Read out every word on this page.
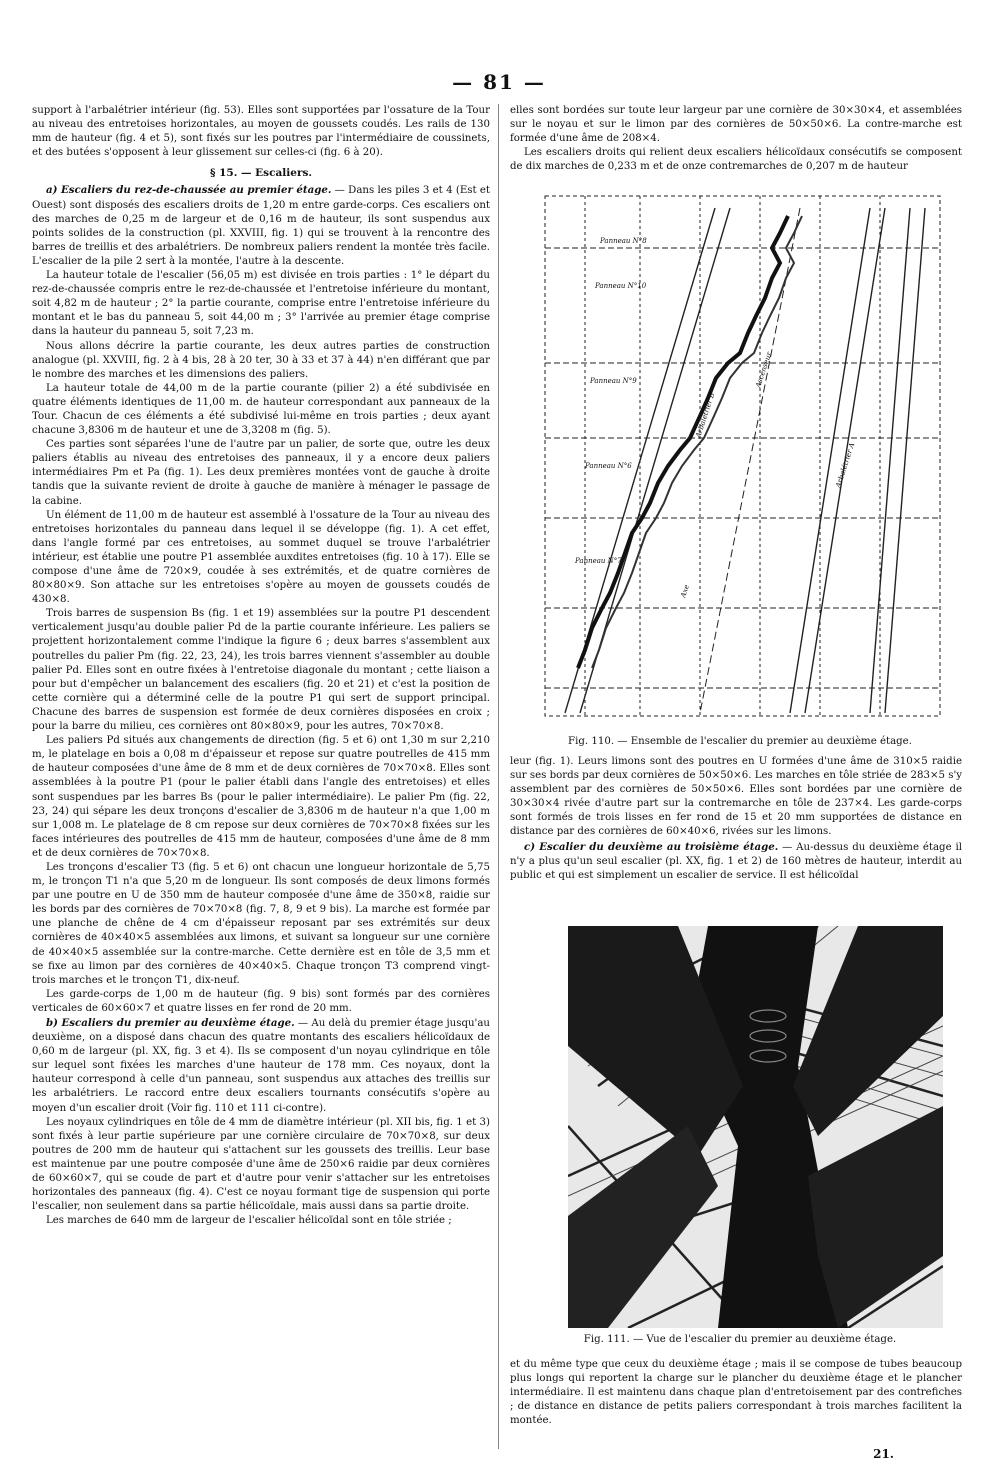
— 81 —

support à l'arbalétrier intérieur (fig. 53). Elles sont supportées par l'ossature de la Tour au niveau des entretoises horizontales, au moyen de goussets coudés. Les rails de 130 mm de hauteur (fig. 4 et 5), sont fixés sur les poutres par l'intermédiaire de coussinets, et des butées s'opposent à leur glissement sur celles-ci (fig. 6 à 20).

§ 15. — Escaliers.

a) Escaliers du rez-de-chaussée au premier étage. — Dans les piles 3 et 4 (Est et Ouest) sont disposés des escaliers droits de 1,20 m entre garde-corps. Ces escaliers ont des marches de 0,25 m de largeur et de 0,16 m de hauteur, ils sont suspendus aux points solides de la construction (pl. XXVIII, fig. 1) qui se trouvent à la rencontre des barres de treillis et des arbalétriers. De nombreux paliers rendent la montée très facile. L'escalier de la pile 2 sert à la montée, l'autre à la descente.

La hauteur totale de l'escalier (56,05 m) est divisée en trois parties : 1° le départ du rez-de-chaussée compris entre le rez-de-chaussée et l'entretoise inférieure du montant, soit 4,82 m de hauteur ; 2° la partie courante, comprise entre l'entretoise inférieure du montant et le bas du panneau 5, soit 44,00 m ; 3° l'arrivée au premier étage comprise dans la hauteur du panneau 5, soit 7,23 m.

Nous allons décrire la partie courante, les deux autres parties de construction analogue (pl. XXVIII, fig. 2 à 4 bis, 28 à 20 ter, 30 à 33 et 37 à 44) n'en différant que par le nombre des marches et les dimensions des paliers.

La hauteur totale de 44,00 m de la partie courante (pilier 2) a été subdivisée en quatre éléments identiques de 11,00 m. de hauteur correspondant aux panneaux de la Tour. Chacun de ces éléments a été subdivisé lui-même en trois parties ; deux ayant chacune 3,8306 m de hauteur et une de 3,3208 m (fig. 5).

Ces parties sont séparées l'une de l'autre par un palier, de sorte que, outre les deux paliers établis au niveau des entretoises des panneaux, il y a encore deux paliers intermédiaires Pm et Pa (fig. 1). Les deux premières montées vont de gauche à droite tandis que la suivante revient de droite à gauche de manière à ménager le passage de la cabine.

Un élément de 11,00 m de hauteur est assemblé à l'ossature de la Tour au niveau des entretoises horizontales du panneau dans lequel il se développe (fig. 1). A cet effet, dans l'angle formé par ces entretoises, au sommet duquel se trouve l'arbalétrier intérieur, est établie une poutre P1 assemblée auxdites entretoises (fig. 10 à 17). Elle se compose d'une âme de 720×9, coudée à ses extrémités, et de quatre cornières de 80×80×9. Son attache sur les entretoises s'opère au moyen de goussets coudés de 430×8.

Trois barres de suspension Bs (fig. 1 et 19) assemblées sur la poutre P1 descendent verticalement jusqu'au double palier Pd de la partie courante inférieure. Les paliers se projettent horizontalement comme l'indique la figure 6 ; deux barres s'assemblent aux poutrelles du palier Pm (fig. 22, 23, 24), les trois barres viennent s'assembler au double palier Pd. Elles sont en outre fixées à l'entretoise diagonale du montant ; cette liaison a pour but d'empêcher un balancement des escaliers (fig. 20 et 21) et c'est la position de cette cornière qui a déterminé celle de la poutre P1 qui sert de support principal. Chacune des barres de suspension est formée de deux cornières disposées en croix ; pour la barre du milieu, ces cornières ont 80×80×9, pour les autres, 70×70×8.

Les paliers Pd situés aux changements de direction (fig. 5 et 6) ont 1,30 m sur 2,210 m, le platelage en bois a 0,08 m d'épaisseur et repose sur quatre poutrelles de 415 mm de hauteur composées d'une âme de 8 mm et de deux cornières de 70×70×8. Elles sont assemblées à la poutre P1 (pour le palier établi dans l'angle des entretoises) et elles sont suspendues par les barres Bs (pour le palier intermédiaire). Le palier Pm (fig. 22, 23, 24) qui sépare les deux tronçons d'escalier de 3,8306 m de hauteur n'a que 1,00 m sur 1,008 m. Le platelage de 8 cm repose sur deux cornières de 70×70×8 fixées sur les faces intérieures des poutrelles de 415 mm de hauteur, composées d'une âme de 8 mm et de deux cornières de 70×70×8.

Les tronçons d'escalier T3 (fig. 5 et 6) ont chacun une longueur horizontale de 5,75 m, le tronçon T1 n'a que 5,20 m de longueur. Ils sont composés de deux limons formés par une poutre en U de 350 mm de hauteur composée d'une âme de 350×8, raidie sur les bords par des cornières de 70×70×8 (fig. 7, 8, 9 et 9 bis). La marche est formée par une planche de chêne de 4 cm d'épaisseur reposant par ses extrémités sur deux cornières de 40×40×5 assemblées aux limons, et suivant sa longueur sur une cornière de 40×40×5 assemblée sur la contre-marche. Cette dernière est en tôle de 3,5 mm et se fixe au limon par des cornières de 40×40×5. Chaque tronçon T3 comprend vingt-trois marches et le tronçon T1, dix-neuf.

Les garde-corps de 1,00 m de hauteur (fig. 9 bis) sont formés par des cornières verticales de 60×60×7 et quatre lisses en fer rond de 20 mm.

b) Escaliers du premier au deuxième étage. — Au delà du premier étage jusqu'au deuxième, on a disposé dans chacun des quatre montants des escaliers hélicoïdaux de 0,60 m de largeur (pl. XX, fig. 3 et 4). Ils se composent d'un noyau cylindrique en tôle sur lequel sont fixées les marches d'une hauteur de 178 mm. Ces noyaux, dont la hauteur correspond à celle d'un panneau, sont suspendus aux attaches des treillis sur les arbalétriers. Le raccord entre deux escaliers tournants consécutifs s'opère au moyen d'un escalier droit (Voir fig. 110 et 111 ci-contre).

Les noyaux cylindriques en tôle de 4 mm de diamètre intérieur (pl. XII bis, fig. 1 et 3) sont fixés à leur partie supérieure par une cornière circulaire de 70×70×8, sur deux poutres de 200 mm de hauteur qui s'attachent sur les goussets des treillis. Leur base est maintenue par une poutre composée d'une âme de 250×6 raidie par deux cornières de 60×60×7, qui se coude de part et d'autre pour venir s'attacher sur les entretoises horizontales des panneaux (fig. 4). C'est ce noyau formant tige de suspension qui porte l'escalier, non seulement dans sa partie hélicoïdale, mais aussi dans sa partie droite.

Les marches de 640 mm de largeur de l'escalier hélicoïdal sont en tôle striée ;

elles sont bordées sur toute leur largeur par une cornière de 30×30×4, et assemblées sur le noyau et sur le limon par des cornières de 50×50×6. La contre-marche est formée d'une âme de 208×4.

Les escaliers droits qui relient deux escaliers hélicoïdaux consécutifs se composent de dix marches de 0,233 m et de onze contremarches de 0,207 m de hauteur

Panneau N°8
Panneau N°10
Panneau N°9
Panneau N°6
Panneau N°7
Arbalétrier A
Arbalétrier B
Ascenseur
Axe
Fig. 110. — Ensemble de l'escalier du premier au deuxième étage.

leur (fig. 1). Leurs limons sont des poutres en U formées d'une âme de 310×5 raidie sur ses bords par deux cornières de 50×50×6. Les marches en tôle striée de 283×5 s'y assemblent par des cornières de 50×50×6. Elles sont bordées par une cornière de 30×30×4 rivée d'autre part sur la contremarche en tôle de 237×4. Les garde-corps sont formés de trois lisses en fer rond de 15 et 20 mm supportées de distance en distance par des cornières de 60×40×6, rivées sur les limons.

c) Escalier du deuxième au troisième étage. — Au-dessus du deuxième étage il n'y a plus qu'un seul escalier (pl. XX, fig. 1 et 2) de 160 mètres de hauteur, interdit au public et qui est simplement un escalier de service. Il est hélicoïdal

Fig. 111. — Vue de l'escalier du premier au deuxième étage.

et du même type que ceux du deuxième étage ; mais il se compose de tubes beaucoup plus longs qui reportent la charge sur le plancher du deuxième étage et le plancher intermédiaire. Il est maintenu dans chaque plan d'entretoisement par des contrefiches ; de distance en distance de petits paliers correspondant à trois marches facilitent la montée.

21.
